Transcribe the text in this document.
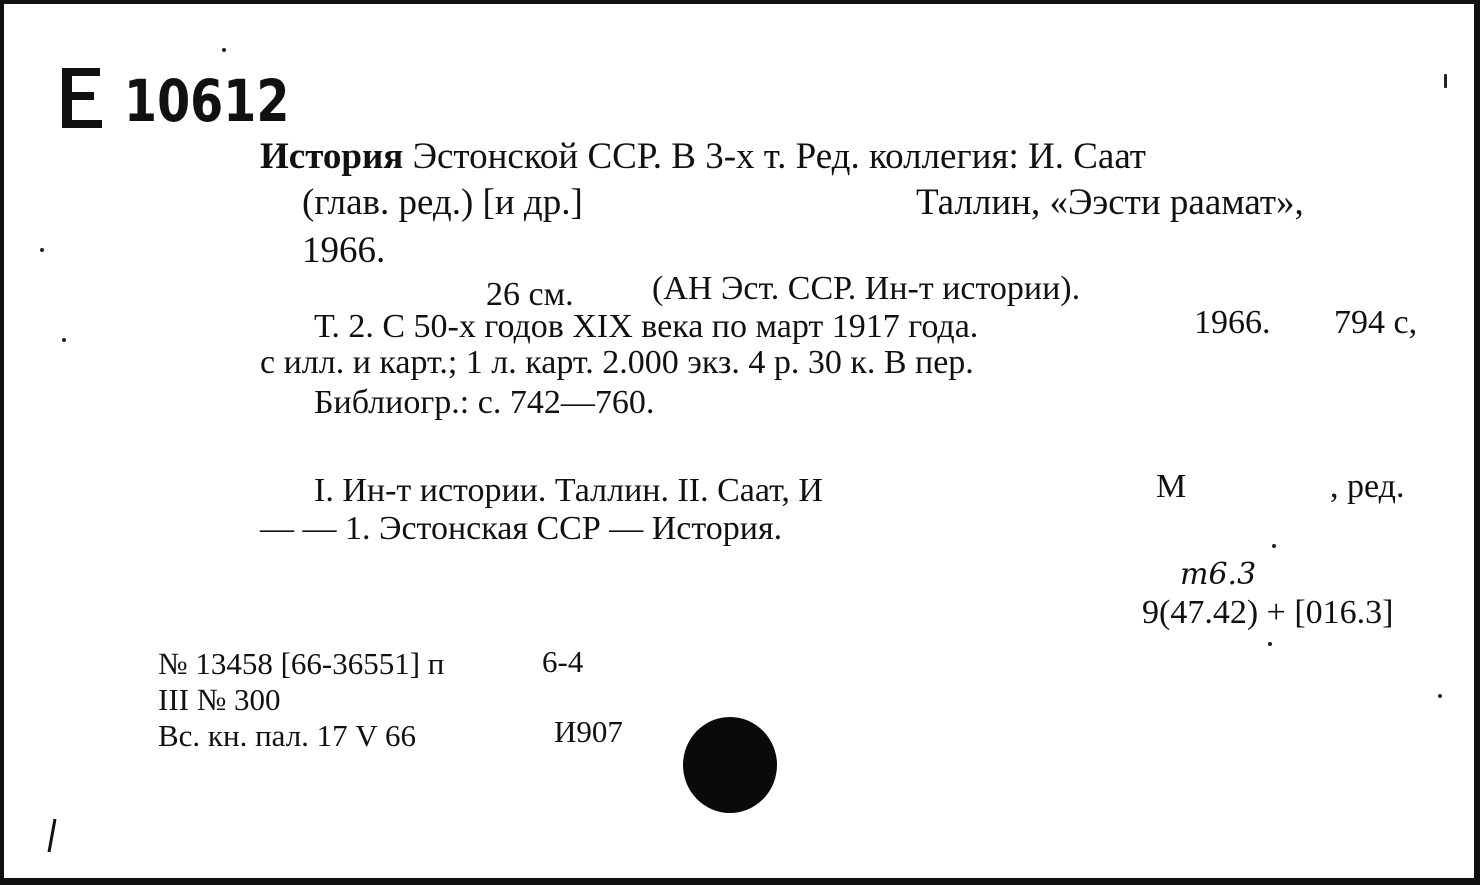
10612
История Эстонской ССР. В 3-х т. Ред. коллегия: И. Саат
(глав. ред.) [и др.]	Таллин, «Ээсти раамат»,
1966.
26 см. (АН Эст. ССР. Ин-т истории).
Т. 2. С 50-х годов XIX века по март 1917 года.	1966. 794 с,
с илл. и карт.; 1 л. карт. 2.000 экз. 4 р. 30 к. В пер.
Библиогр.: с. 742—760.
I. Ин-т истории. Таллин. II. Саат, И	М	, ред.
— — 1. Эстонская ССР — История.
т6.3
9(47.42) + [016.3]
№ 13458 [66-36551] п	6-4
III № 300
Вс. кн. пал. 17 V 66	И907
